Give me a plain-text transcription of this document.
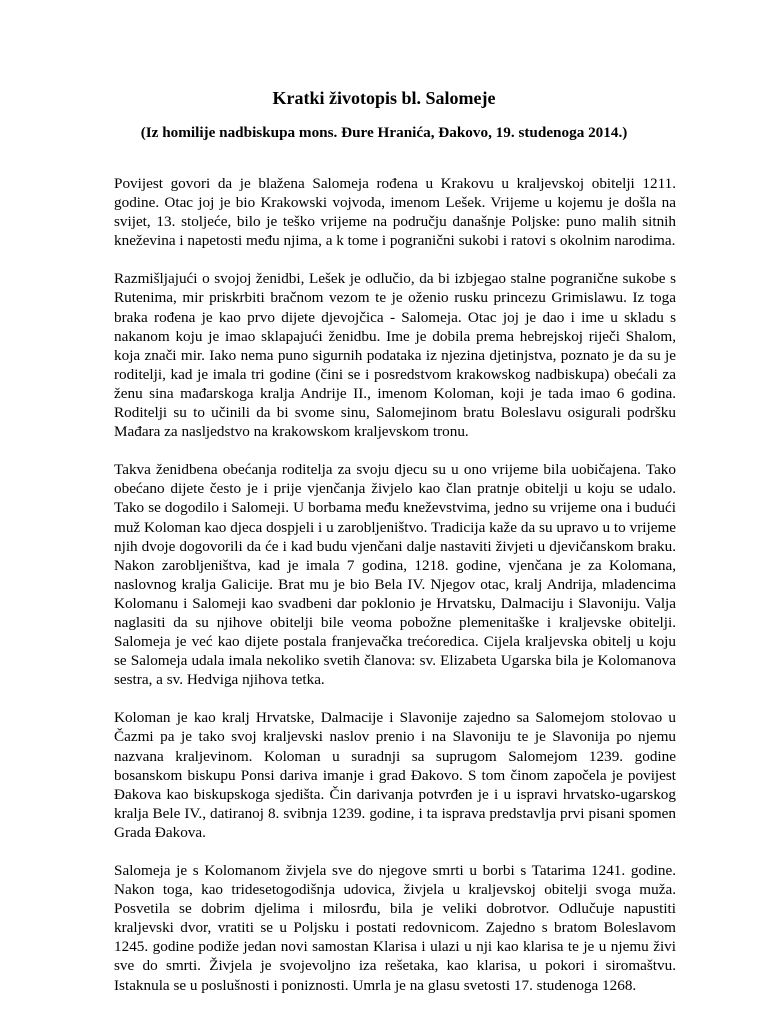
Kratki životopis bl. Salomeje
(Iz homilije nadbiskupa mons. Đure Hranića, Đakovo, 19. studenoga 2014.)

Povijest govori da je blažena Salomeja rođena u Krakovu u kraljevskoj obitelji 1211. godine. Otac joj je bio Krakowski vojvoda, imenom Lešek. Vrijeme u kojemu je došla na svijet, 13. stoljeće, bilo je teško vrijeme na području današnje Poljske: puno malih sitnih kneževina i napetosti među njima, a k tome i pogranični sukobi i ratovi s okolnim narodima.

Razmišljajući o svojoj ženidbi, Lešek je odlučio, da bi izbjegao stalne pogranične sukobe s Rutenima, mir priskrbiti bračnom vezom te je oženio rusku princezu Grimislawu. Iz toga braka rođena je kao prvo dijete djevojčica - Salomeja. Otac joj je dao i ime u skladu s nakanom koju je imao sklapajući ženidbu. Ime je dobila prema hebrejskoj riječi Shalom, koja znači mir. Iako nema puno sigurnih podataka iz njezina djetinjstva, poznato je da su je roditelji, kad je imala tri godine (čini se i posredstvom krakowskog nadbiskupa) obećali za ženu sina mađarskoga kralja Andrije II., imenom Koloman, koji je tada imao 6 godina. Roditelji su to učinili da bi svome sinu, Salomejinom bratu Boleslavu osigurali podršku Mađara za nasljedstvo na krakowskom kraljevskom tronu.

Takva ženidbena obećanja roditelja za svoju djecu su u ono vrijeme bila uobičajena. Tako obećano dijete često je i prije vjenčanja živjelo kao član pratnje obitelji u koju se udalo. Tako se dogodilo i Salomeji. U borbama među kneževstvima, jedno su vrijeme ona i budući muž Koloman kao djeca dospjeli i u zarobljeništvo. Tradicija kaže da su upravo u to vrijeme njih dvoje dogovorili da će i kad budu vjenčani dalje nastaviti živjeti u djevičanskom braku. Nakon zarobljeništva, kad je imala 7 godina, 1218. godine, vjenčana je za Kolomana, naslovnog kralja Galicije. Brat mu je bio Bela IV. Njegov otac, kralj Andrija, mladencima Kolomanu i Salomeji kao svadbeni dar poklonio je Hrvatsku, Dalmaciju i Slavoniju. Valja naglasiti da su njihove obitelji bile veoma pobožne plemenitaške i kraljevske obitelji. Salomeja je već kao dijete postala franjevačka trećoredica. Cijela kraljevska obitelj u koju se Salomeja udala imala nekoliko svetih članova: sv. Elizabeta Ugarska bila je Kolomanova sestra, a sv. Hedviga njihova tetka.

Koloman je kao kralj Hrvatske, Dalmacije i Slavonije zajedno sa Salomejom stolovao u Čazmi pa je tako svoj kraljevski naslov prenio i na Slavoniju te je Slavonija po njemu nazvana kraljevinom. Koloman u suradnji sa suprugom Salomejom 1239. godine bosanskom biskupu Ponsi dariva imanje i grad Đakovo. S tom činom započela je povijest Đakova kao biskupskoga sjedišta. Čin darivanja potvrđen je i u ispravi hrvatsko-ugarskog kralja Bele IV., datiranoj 8. svibnja 1239. godine, i ta isprava predstavlja prvi pisani spomen Grada Đakova.

Salomeja je s Kolomanom živjela sve do njegove smrti u borbi s Tatarima 1241. godine. Nakon toga, kao tridesetogodišnja udovica, živjela u kraljevskoj obitelji svoga muža. Posvetila se dobrim djelima i milosrđu, bila je veliki dobrotvor. Odlučuje napustiti kraljevski dvor, vratiti se u Poljsku i postati redovnicom. Zajedno s bratom Boleslavom 1245. godine podiže jedan novi samostan Klarisa i ulazi u nji kao klarisa te je u njemu živi sve do smrti. Živjela je svojevoljno iza rešetaka, kao klarisa, u pokori i siromaštvu. Istaknula se u poslušnosti i poniznosti. Umrla je na glasu svetosti 17. studenoga 1268.
